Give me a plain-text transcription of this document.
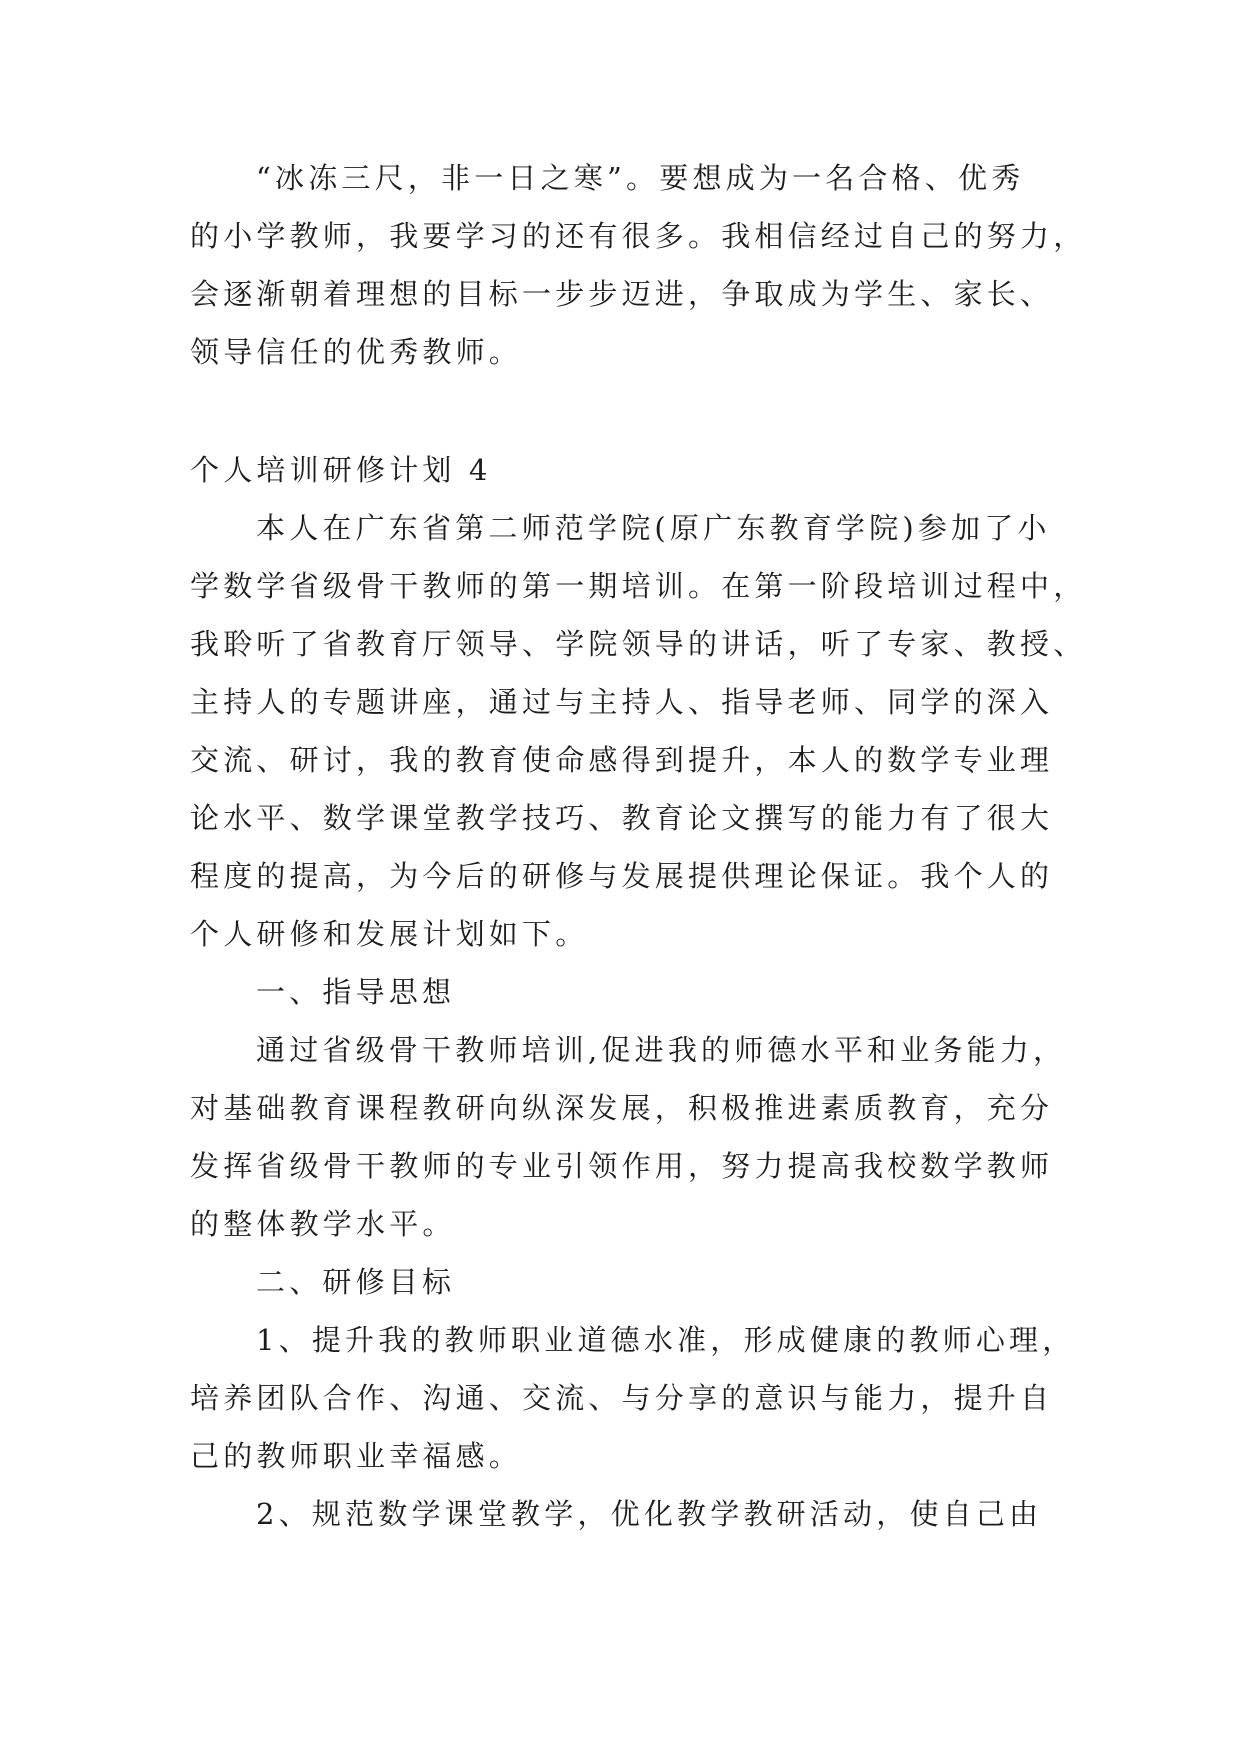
“冰冻三尺，非一日之寒”。要想成为一名合格、优秀
的小学教师，我要学习的还有很多。我相信经过自己的努力，
会逐渐朝着理想的目标一步步迈进，争取成为学生、家长、
领导信任的优秀教师。
个人培训研修计划 4
本人在广东省第二师范学院(原广东教育学院)参加了小
学数学省级骨干教师的第一期培训。在第一阶段培训过程中，
我聆听了省教育厅领导、学院领导的讲话，听了专家、教授、
主持人的专题讲座，通过与主持人、指导老师、同学的深入
交流、研讨，我的教育使命感得到提升，本人的数学专业理
论水平、数学课堂教学技巧、教育论文撰写的能力有了很大
程度的提高，为今后的研修与发展提供理论保证。我个人的
个人研修和发展计划如下。
一、指导思想
通过省级骨干教师培训,促进我的师德水平和业务能力，
对基础教育课程教研向纵深发展，积极推进素质教育，充分
发挥省级骨干教师的专业引领作用，努力提高我校数学教师
的整体教学水平。
二、研修目标
1、提升我的教师职业道德水准，形成健康的教师心理，
培养团队合作、沟通、交流、与分享的意识与能力，提升自
己的教师职业幸福感。
2、规范数学课堂教学，优化教学教研活动，使自己由
